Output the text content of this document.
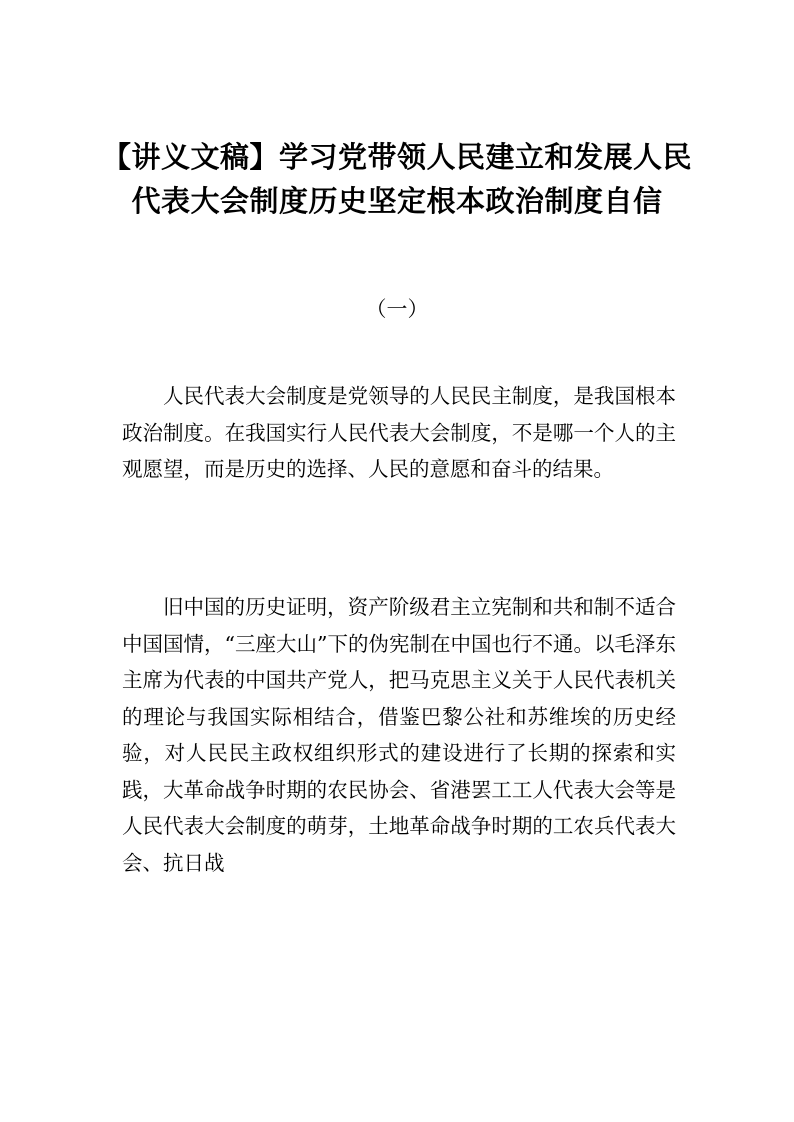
【讲义文稿】学习党带领人民建立和发展人民代表大会制度历史坚定根本政治制度自信
（一）

人民代表大会制度是党领导的人民民主制度，是我国根本政治制度。在我国实行人民代表大会制度，不是哪一个人的主观愿望，而是历史的选择、人民的意愿和奋斗的结果。

旧中国的历史证明，资产阶级君主立宪制和共和制不适合中国国情，“三座大山”下的伪宪制在中国也行不通。以毛泽东主席为代表的中国共产党人，把马克思主义关于人民代表机关的理论与我国实际相结合，借鉴巴黎公社和苏维埃的历史经验，对人民民主政权组织形式的建设进行了长期的探索和实践，大革命战争时期的农民协会、省港罢工工人代表大会等是人民代表大会制度的萌芽，土地革命战争时期的工农兵代表大会、抗日战
